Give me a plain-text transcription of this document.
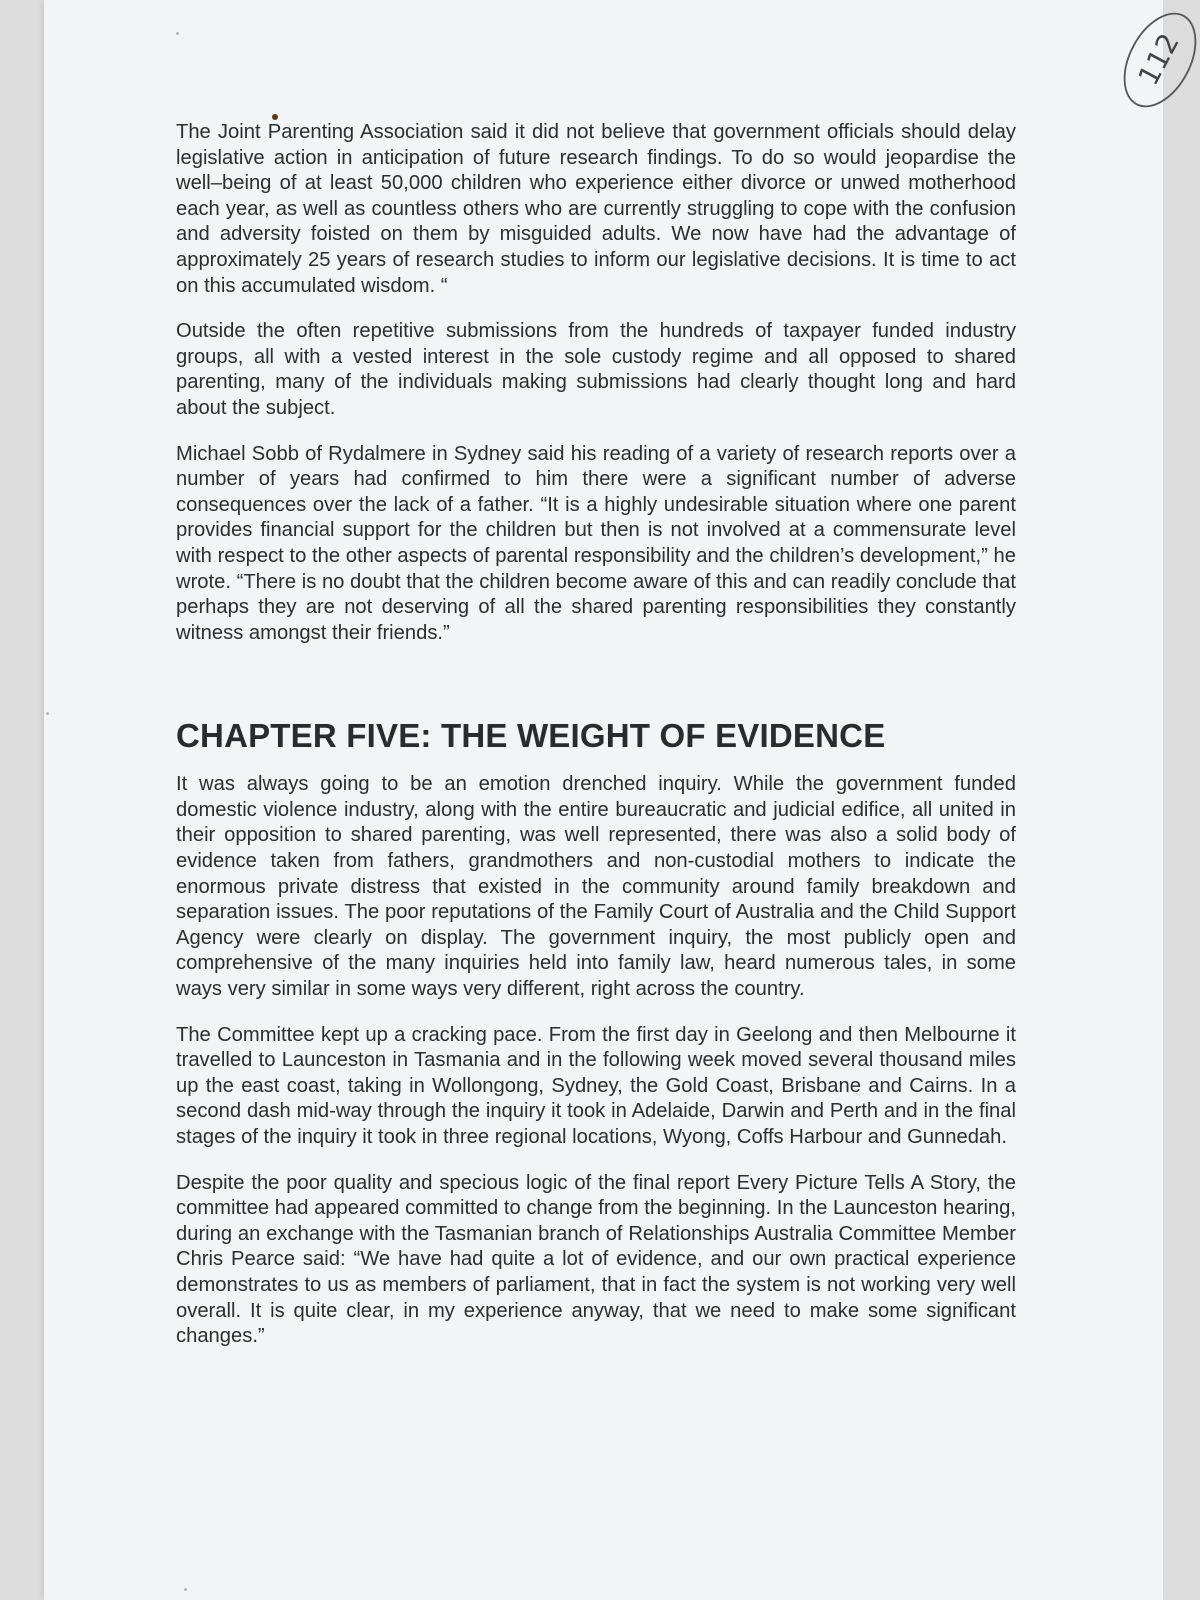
112

The Joint Parenting Association said it did not believe that government officials should delay legislative action in anticipation of future research findings. To do so would jeopardise the well–being of at least 50,000 children who experience either divorce or unwed motherhood each year, as well as countless others who are currently struggling to cope with the confusion and adversity foisted on them by misguided adults. We now have had the advantage of approximately 25 years of research studies to inform our legislative decisions. It is time to act on this accumulated wisdom. “

Outside the often repetitive submissions from the hundreds of taxpayer funded industry groups, all with a vested interest in the sole custody regime and all opposed to shared parenting, many of the individuals making submissions had clearly thought long and hard about the subject.

Michael Sobb of Rydalmere in Sydney said his reading of a variety of research reports over a number of years had confirmed to him there were a significant number of adverse consequences over the lack of a father. “It is a highly undesirable situation where one parent provides financial support for the children but then is not involved at a commensurate level with respect to the other aspects of parental responsibility and the children’s development,” he wrote. “There is no doubt that the children become aware of this and can readily conclude that perhaps they are not deserving of all the shared parenting responsibilities they constantly witness amongst their friends.”

CHAPTER FIVE: THE WEIGHT OF EVIDENCE

It was always going to be an emotion drenched inquiry. While the government funded domestic violence industry, along with the entire bureaucratic and judicial edifice, all united in their opposition to shared parenting, was well represented, there was also a solid body of evidence taken from fathers, grandmothers and non-custodial mothers to indicate the enormous private distress that existed in the community around family breakdown and separation issues. The poor reputations of the Family Court of Australia and the Child Support Agency were clearly on display. The government inquiry, the most publicly open and comprehensive of the many inquiries held into family law, heard numerous tales, in some ways very similar in some ways very different, right across the country.

The Committee kept up a cracking pace. From the first day in Geelong and then Melbourne it travelled to Launceston in Tasmania and in the following week moved several thousand miles up the east coast, taking in Wollongong, Sydney, the Gold Coast, Brisbane and Cairns. In a second dash mid-way through the inquiry it took in Adelaide, Darwin and Perth and in the final stages of the inquiry it took in three regional locations, Wyong, Coffs Harbour and Gunnedah.

Despite the poor quality and specious logic of the final report Every Picture Tells A Story, the committee had appeared committed to change from the beginning. In the Launceston hearing, during an exchange with the Tasmanian branch of Relationships Australia Committee Member Chris Pearce said: “We have had quite a lot of evidence, and our own practical experience demonstrates to us as members of parliament, that in fact the system is not working very well overall. It is quite clear, in my experience anyway, that we need to make some significant changes.”
